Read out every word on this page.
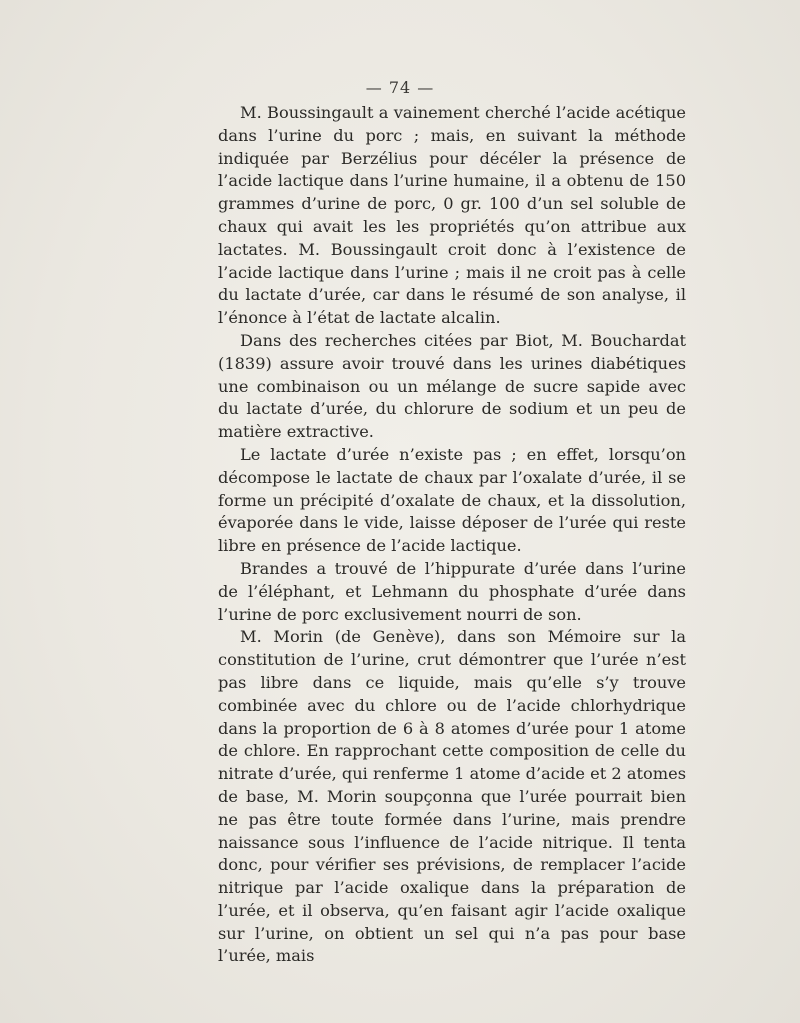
— 74 —

M. Boussingault a vainement cherché l’acide acétique dans l’urine du porc ; mais, en suivant la méthode indiquée par Berzélius pour décéler la présence de l’acide lactique dans l’urine humaine, il a obtenu de 150 grammes d’urine de porc, 0 gr. 100 d’un sel soluble de chaux qui avait les les propriétés qu’on attribue aux lactates. M. Boussingault croit donc à l’existence de l’acide lactique dans l’urine ; mais il ne croit pas à celle du lactate d’urée, car dans le résumé de son analyse, il l’énonce à l’état de lactate alcalin.

Dans des recherches citées par Biot, M. Bouchardat (1839) assure avoir trouvé dans les urines diabétiques une combinaison ou un mélange de sucre sapide avec du lactate d’urée, du chlorure de sodium et un peu de matière extractive.

Le lactate d’urée n’existe pas ; en effet, lorsqu’on décompose le lactate de chaux par l’oxalate d’urée, il se forme un précipité d’oxalate de chaux, et la dissolution, évaporée dans le vide, laisse déposer de l’urée qui reste libre en présence de l’acide lactique.

Brandes a trouvé de l’hippurate d’urée dans l’urine de l’éléphant, et Lehmann du phosphate d’urée dans l’urine de porc exclusivement nourri de son.

M. Morin (de Genève), dans son Mémoire sur la constitution de l’urine, crut démontrer que l’urée n’est pas libre dans ce liquide, mais qu’elle s’y trouve combinée avec du chlore ou de l’acide chlorhydrique dans la proportion de 6 à 8 atomes d’urée pour 1 atome de chlore. En rapprochant cette composition de celle du nitrate d’urée, qui renferme 1 atome d’acide et 2 atomes de base, M. Morin soupçonna que l’urée pourrait bien ne pas être toute formée dans l’urine, mais prendre naissance sous l’influence de l’acide nitrique. Il tenta donc, pour vérifier ses prévisions, de remplacer l’acide nitrique par l’acide oxalique dans la préparation de l’urée, et il observa, qu’en faisant agir l’acide oxalique sur l’urine, on obtient un sel qui n’a pas pour base l’urée, mais
